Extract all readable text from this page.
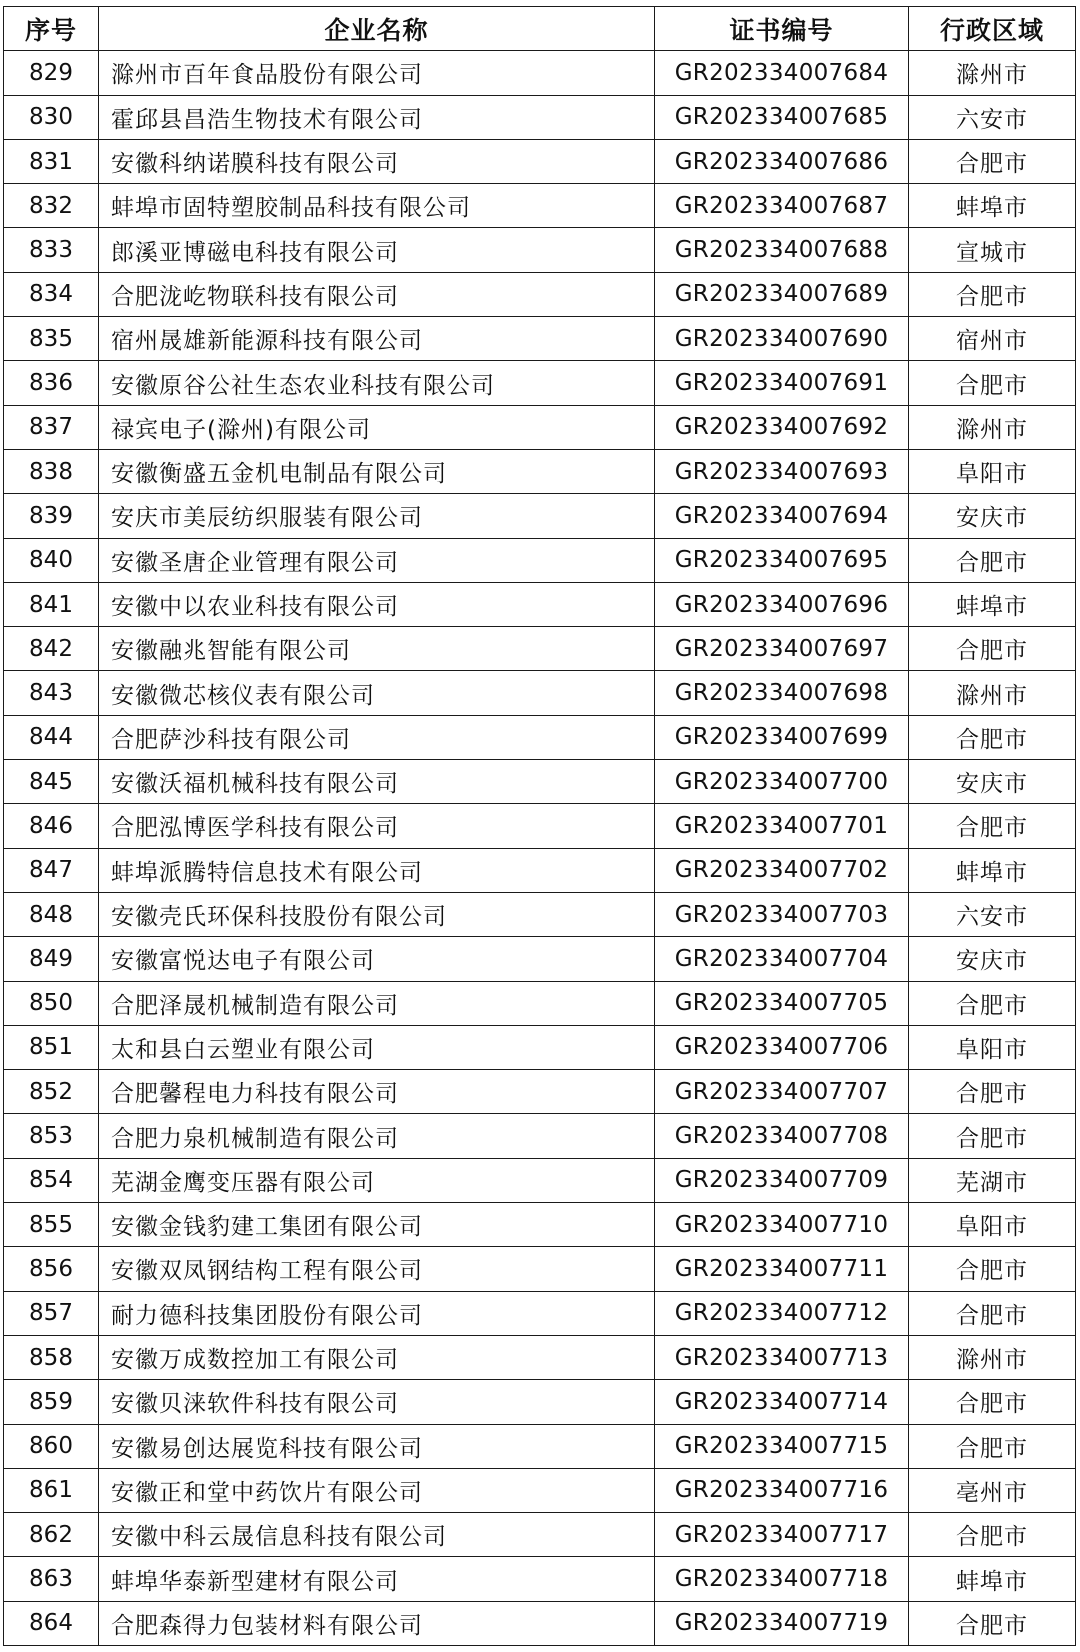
序号	企业名称	证书编号	行政区域
829	滁州市百年食品股份有限公司	GR202334007684	滁州市
830	霍邱县昌浩生物技术有限公司	GR202334007685	六安市
831	安徽科纳诺膜科技有限公司	GR202334007686	合肥市
832	蚌埠市固特塑胶制品科技有限公司	GR202334007687	蚌埠市
833	郎溪亚博磁电科技有限公司	GR202334007688	宣城市
834	合肥泷屹物联科技有限公司	GR202334007689	合肥市
835	宿州晟雄新能源科技有限公司	GR202334007690	宿州市
836	安徽原谷公社生态农业科技有限公司	GR202334007691	合肥市
837	禄宾电子(滁州)有限公司	GR202334007692	滁州市
838	安徽衡盛五金机电制品有限公司	GR202334007693	阜阳市
839	安庆市美辰纺织服装有限公司	GR202334007694	安庆市
840	安徽圣唐企业管理有限公司	GR202334007695	合肥市
841	安徽中以农业科技有限公司	GR202334007696	蚌埠市
842	安徽融兆智能有限公司	GR202334007697	合肥市
843	安徽微芯核仪表有限公司	GR202334007698	滁州市
844	合肥萨沙科技有限公司	GR202334007699	合肥市
845	安徽沃福机械科技有限公司	GR202334007700	安庆市
846	合肥泓博医学科技有限公司	GR202334007701	合肥市
847	蚌埠派腾特信息技术有限公司	GR202334007702	蚌埠市
848	安徽壳氏环保科技股份有限公司	GR202334007703	六安市
849	安徽富悦达电子有限公司	GR202334007704	安庆市
850	合肥泽晟机械制造有限公司	GR202334007705	合肥市
851	太和县白云塑业有限公司	GR202334007706	阜阳市
852	合肥馨程电力科技有限公司	GR202334007707	合肥市
853	合肥力泉机械制造有限公司	GR202334007708	合肥市
854	芜湖金鹰变压器有限公司	GR202334007709	芜湖市
855	安徽金钱豹建工集团有限公司	GR202334007710	阜阳市
856	安徽双凤钢结构工程有限公司	GR202334007711	合肥市
857	耐力德科技集团股份有限公司	GR202334007712	合肥市
858	安徽万成数控加工有限公司	GR202334007713	滁州市
859	安徽贝涞软件科技有限公司	GR202334007714	合肥市
860	安徽易创达展览科技有限公司	GR202334007715	合肥市
861	安徽正和堂中药饮片有限公司	GR202334007716	亳州市
862	安徽中科云晟信息科技有限公司	GR202334007717	合肥市
863	蚌埠华泰新型建材有限公司	GR202334007718	蚌埠市
864	合肥森得力包装材料有限公司	GR202334007719	合肥市
